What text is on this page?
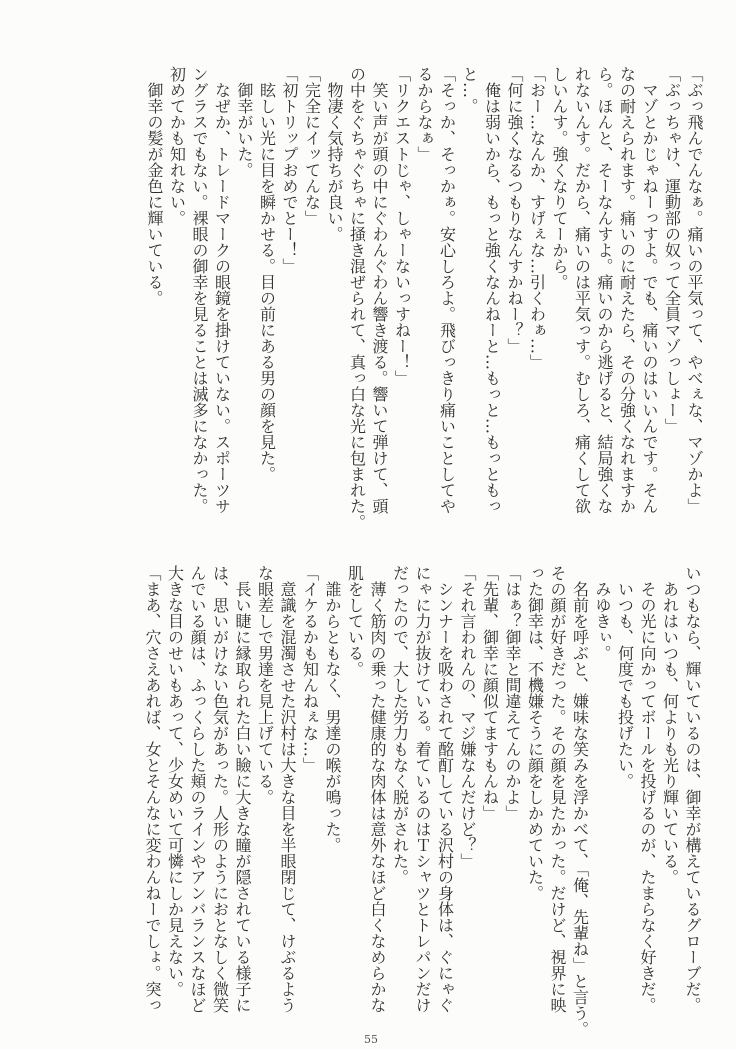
「ぶっ飛んでんなぁ。痛いの平気って、やべぇな、マゾかよ」
「ぶっちゃけ、運動部の奴って全員マゾっしょー」
　マゾとかじゃねーっすよ。でも、痛いのはいいんです。そん
なの耐えられます。痛いのに耐えたら、その分強くなれますか
ら。ほんと、そーなんすよ。痛いのから逃げると、結局強くな
れないんす。だから、痛いのは平気っす。むしろ、痛くして欲
しいんす。強くなりてーから。
「おー…なんか、すげぇな…引くわぁ…」
「何に強くなるつもりなんすかねー？」
　俺は弱いから、もっと強くなんねーと…もっと…もっともっ
と…。
「そっか、そっかぁ。安心しろよ。飛びっきり痛いことしてや
るからなぁ」
「リクエストじゃ、しゃーないっすねー！」
　笑い声が頭の中にぐわんぐわん響き渡る。響いて弾けて、頭
の中をぐちゃぐちゃに掻き混ぜられて、真っ白な光に包まれた。
　物凄く気持ちが良い。
「完全にイッてんな」
「初トリップおめでとー！」
　眩しい光に目を瞬かせる。目の前にある男の顔を見た。
　御幸がいた。
　なぜか、トレードマークの眼鏡を掛けていない。スポーツサ
ングラスでもない。裸眼の御幸を見ることは滅多になかった。
初めてかも知れない。
　御幸の髪が金色に輝いている。
いつもなら、輝いているのは、御幸が構えているグローブだ。
　あれはいつも、何よりも光り輝いている。
　その光に向かってボールを投げるのが、たまらなく好きだ。
　いつも、何度でも投げたい。
　みゆきぃ。
　名前を呼ぶと、嫌味な笑みを浮かべて、「俺、先輩ね」と言う。
その顔が好きだった。その顔を見たかった。だけど、視界に映
った御幸は、不機嫌そうに顔をしかめていた。
「はぁ？御幸と間違えてんのかよ」
「先輩、御幸に顔似てますもんね」
「それ言われんの、マジ嫌なんだけど？」
　シンナーを吸わされて酩酊している沢村の身体は、ぐにゃぐ
にゃに力が抜けている。着ているのはＴシャツとトレパンだけ
だったので、大した労力もなく脱がされた。
　薄く筋肉の乗った健康的な肉体は意外なほど白くなめらかな
肌をしている。
　誰からともなく、男達の喉が鳴った。
「イケるかも知んねぇな…」
　意識を混濁させた沢村は大きな目を半眼閉じて、けぶるよう
な眼差しで男達を見上げている。
　長い睫に縁取られた白い瞼に大きな瞳が隠されている様子に
は、思いがけない色気があった。人形のようにおとなしく微笑
んでいる顔は、ふっくらした頬のラインやアンバランスなほど
大きな目のせいもあって、少女めいて可憐にしか見えない。
「まあ、穴さえあれば、女とそんなに変わんねーでしょ。突っ
55
